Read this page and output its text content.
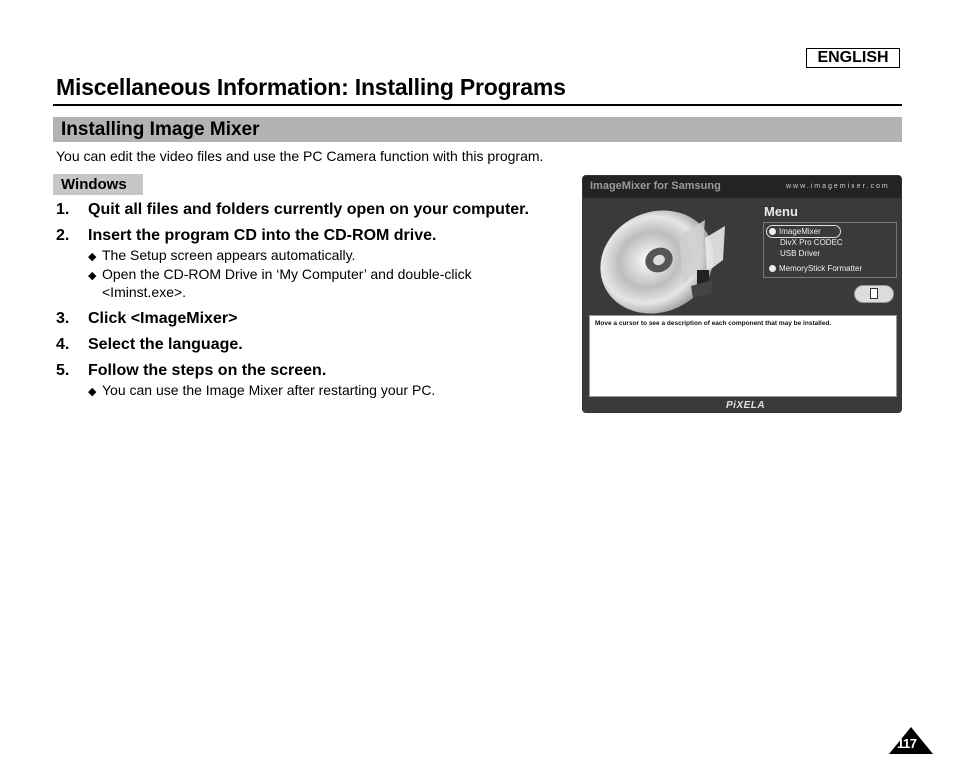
ENGLISH
Miscellaneous Information: Installing Programs
Installing Image Mixer
You can edit the video files and use the PC Camera function with this program.
Windows
1. Quit all files and folders currently open on your computer.
2. Insert the program CD into the CD-ROM drive.
◆ The Setup screen appears automatically.
◆ Open the CD-ROM Drive in ‘My Computer’ and double-click
<Iminst.exe>.
3. Click <ImageMixer>
4. Select the language.
5. Follow the steps on the screen.
◆ You can use the Image Mixer after restarting your PC.
ImageMixer for Samsung	www.imagemixer.com
Menu
ImageMixer
DivX Pro CODEC
USB Driver
MemoryStick Formatter
Move a cursor to see a description of each component that may be installed.
PiXELA
117
